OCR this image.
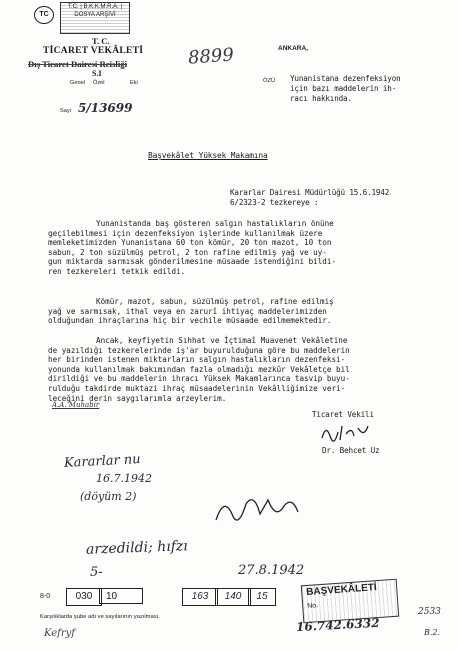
TC
T.C. | B.K.K.M.R.A. | DOSYA ARŞİVİ
T. C.
TİCARET VEKÂLETİ
Dış Ticaret Dairesi Reisliği
S.I
Genel Özel	Eki
Sayı 5/13699
8899	ANKARA,
ÖZÜ Yunanistana dezenfeksiyon
için bazı maddelerin ih-
racı hakkında.
Başvekâlet Yüksek Makamına
Kararlar Dairesi Müdürlüğü 15.6.1942
6/2323-2 tezkereye :
Yunanistanda baş gösteren salgın hastalıkların önüne
geçilebilmesi için dezenfeksiyon işlerinde kullanılmak üzere
memleketimizden Yunanistana 60 ton kömür, 20 ton mazot, 10 ton
sabun, 2 ton süzülmüş petrol, 2 ton rafine edilmiş yağ ve uy-
gun miktarda sarmısak gönderilmesine müsaade istendiğini bildi-
ren tezkereleri tetkik edildi.
Kömür, mazot, sabun, süzülmüş petrol, rafine edilmiş
yağ ve sarmısak, ithal veya en zarurî ihtiyaç maddelerimizden
olduğundan ihraçlarına hiç bir vechile müsaade edilmemektedir.
Ancak, keyfiyetin Sıhhat ve İçtimaî Muavenet Vekâletine
de yazıldığı tezkerelerinde iş'ar buyurulduğuna göre bu maddelerin
her birinden istenen miktarların salgın hastalıkların dezenfeksi-
yonunda kullanılmak bakımından fazla olmadığı mezkûr Vekâletçe bil
dirildiği ve bu maddelerin ihracı Yüksek Makamlarınca tasvip buyu-
rulduğu takdirde muktazi ihraç müsaadelerinin Vekâlliğimize veri-
leceğini derin saygılarımla arzeylerim.
A.A. Muhabir
Ticaret Vekili
Dr. Behcet Uz
Kararlar nu
16.7.1942
(döyüm 2)
arzedildi; hıfzı
5-	27.8.1942
8-0	030	10	163	140	15	BAŞVEKÂLETİ
No.
16.742.6332
2533
Karşılıklarda şube adı ve sayılarının yazılması.
Kefryf	B.2.
